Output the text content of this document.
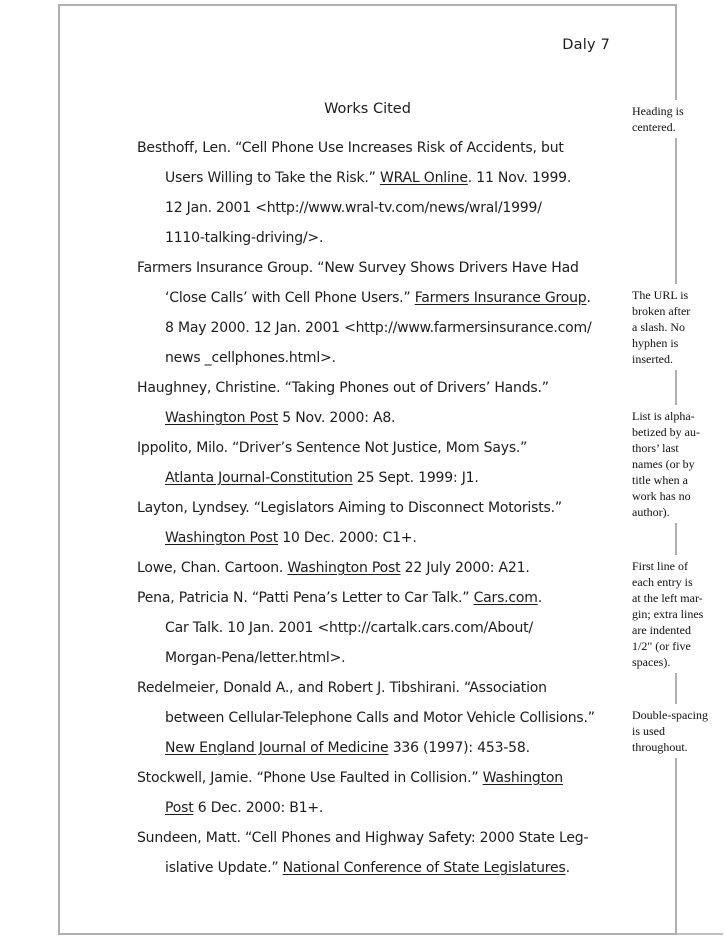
Daly 7
Works Cited
Besthoff, Len. “Cell Phone Use Increases Risk of Accidents, but
Users Willing to Take the Risk.” WRAL Online. 11 Nov. 1999.
12 Jan. 2001 <http://www.wral-tv.com/news/wral/1999/
1110-talking-driving/>.
Farmers Insurance Group. “New Survey Shows Drivers Have Had
‘Close Calls’ with Cell Phone Users.” Farmers Insurance Group.
8 May 2000. 12 Jan. 2001 <http://www.farmersinsurance.com/
news _cellphones.html>.
Haughney, Christine. “Taking Phones out of Drivers’ Hands.”
Washington Post 5 Nov. 2000: A8.
Ippolito, Milo. “Driver’s Sentence Not Justice, Mom Says.”
Atlanta Journal-Constitution 25 Sept. 1999: J1.
Layton, Lyndsey. “Legislators Aiming to Disconnect Motorists.”
Washington Post 10 Dec. 2000: C1+.
Lowe, Chan. Cartoon. Washington Post 22 July 2000: A21.
Pena, Patricia N. “Patti Pena’s Letter to Car Talk.” Cars.com.
Car Talk. 10 Jan. 2001 <http://cartalk.cars.com/About/
Morgan-Pena/letter.html>.
Redelmeier, Donald A., and Robert J. Tibshirani. “Association
between Cellular-Telephone Calls and Motor Vehicle Collisions.”
New England Journal of Medicine 336 (1997): 453-58.
Stockwell, Jamie. “Phone Use Faulted in Collision.” Washington
Post 6 Dec. 2000: B1+.
Sundeen, Matt. “Cell Phones and Highway Safety: 2000 State Leg-
islative Update.” National Conference of State Legislatures.
Heading is
centered.
The URL is
broken after
a slash. No
hyphen is
inserted.
List is alpha-
betized by au-
thors’ last
names (or by
title when a
work has no
author).
First line of
each entry is
at the left mar-
gin; extra lines
are indented
1/2" (or five
spaces).
Double-spacing
is used
throughout.
